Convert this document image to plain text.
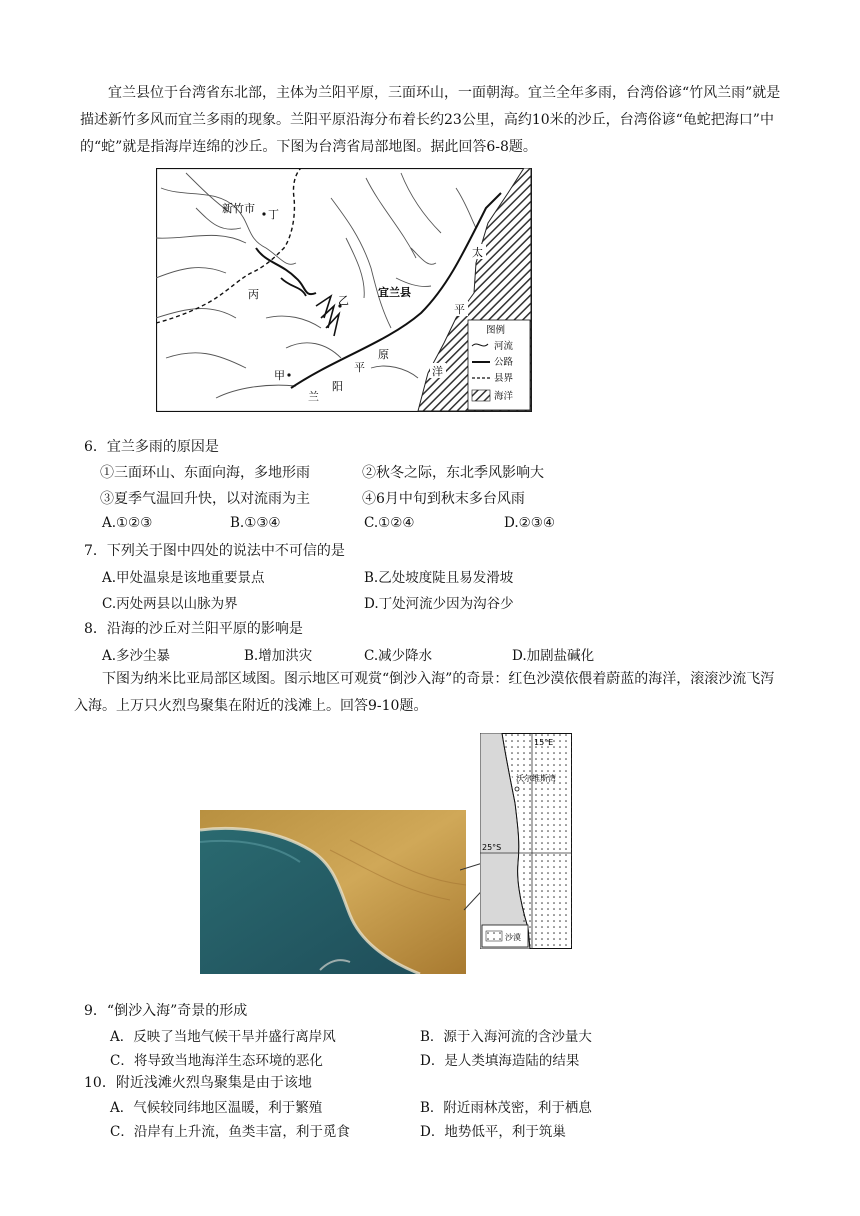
宜兰县位于台湾省东北部，主体为兰阳平原，三面环山，一面朝海。宜兰全年多雨，台湾俗谚“竹风兰雨”就是描述新竹多风而宜兰多雨的现象。兰阳平原沿海分布着长约23公里，高约10米的沙丘，台湾俗谚“龟蛇把海口”中的“蛇”就是指海岸连绵的沙丘。下图为台湾省局部地图。据此回答6-8题。

新竹市 丁
丙	乙
甲
宜兰县
太
平
洋
兰
阳
平
原
图例
河流
公路
县界
海洋
6．宜兰多雨的原因是
①三面环山、东面向海，多地形雨	②秋冬之际，东北季风影响大
③夏季气温回升快，以对流雨为主	④6月中旬到秋末多台风雨
A.①②③	B.①③④	C.①②④	D.②③④
7．下列关于图中四处的说法中不可信的是
A.甲处温泉是该地重要景点	B.乙处坡度陡且易发滑坡
C.丙处两县以山脉为界	D.丁处河流少因为沟谷少
8．沿海的沙丘对兰阳平原的影响是
A.多沙尘暴	B.增加洪灾	C.减少降水	D.加剧盐碱化

下图为纳米比亚局部区域图。图示地区可观赏“倒沙入海”的奇景：红色沙漠依偎着蔚蓝的海洋，滚滚沙流飞泻入海。上万只火烈鸟聚集在附近的浅滩上。回答9-10题。

15°E
25°S
沃尔维斯湾
沙漠
9．“倒沙入海”奇景的形成
A．反映了当地气候干旱并盛行离岸风	B．源于入海河流的含沙量大
C．将导致当地海洋生态环境的恶化	D．是人类填海造陆的结果
10．附近浅滩火烈鸟聚集是由于该地
A．气候较同纬地区温暖，利于繁殖	B．附近雨林茂密，利于栖息
C．沿岸有上升流，鱼类丰富，利于觅食	D．地势低平，利于筑巢
